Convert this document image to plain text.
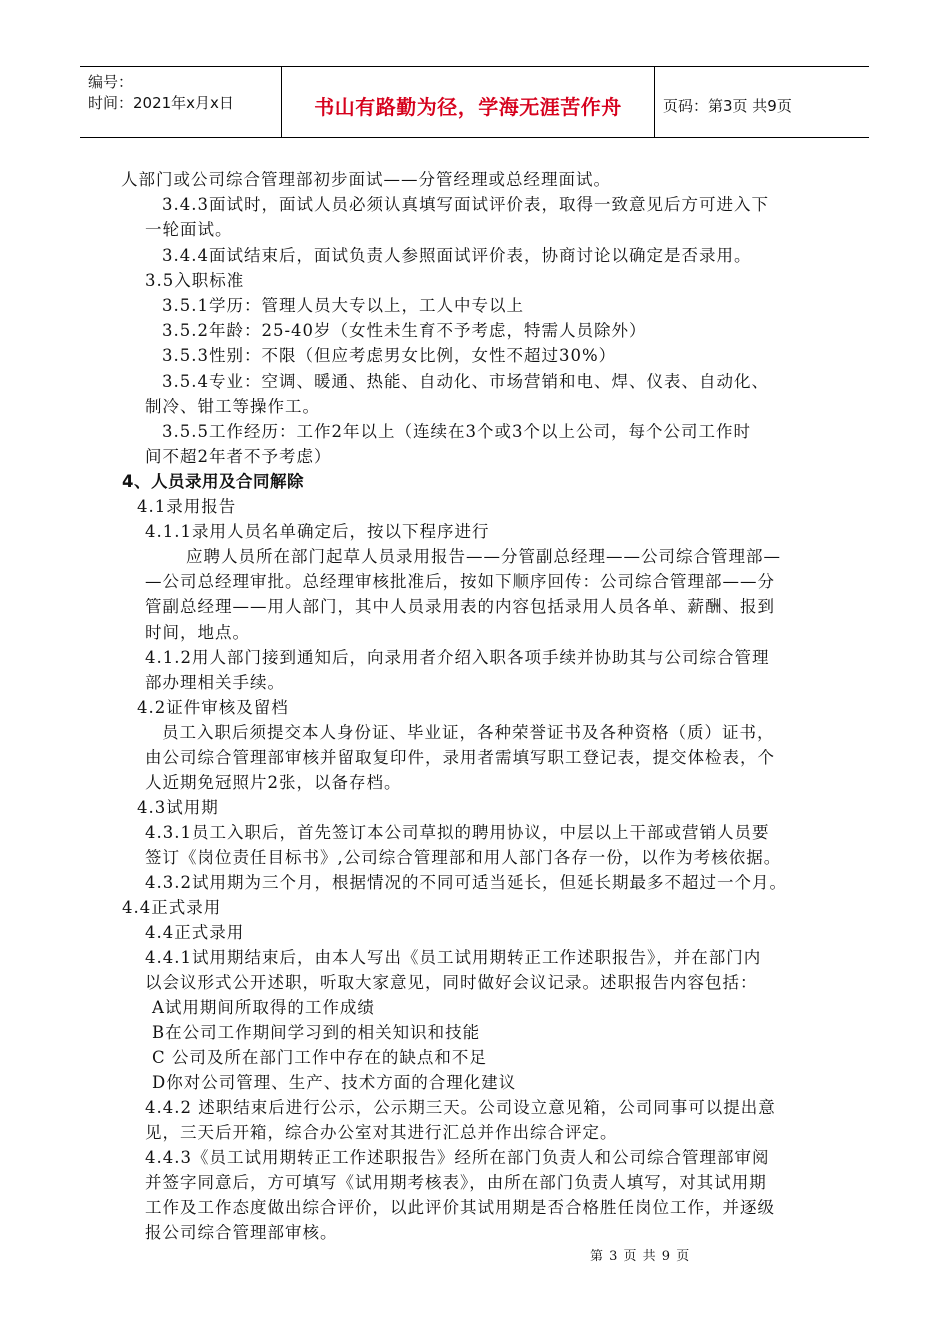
编号：
时间：2021年x月x日	书山有路勤为径，学海无涯苦作舟	页码：第3页 共9页
人部门或公司综合管理部初步面试——分管经理或总经理面试。
3.4.3面试时，面试人员必须认真填写面试评价表，取得一致意见后方可进入下
一轮面试。
3.4.4面试结束后，面试负责人参照面试评价表，协商讨论以确定是否录用。
3.5入职标准
3.5.1学历：管理人员大专以上，工人中专以上
3.5.2年龄：25-40岁（女性未生育不予考虑，特需人员除外）
3.5.3性别：不限（但应考虑男女比例，女性不超过30%）
3.5.4专业：空调、暖通、热能、自动化、市场营销和电、焊、仪表、自动化、
制冷、钳工等操作工。
3.5.5工作经历：工作2年以上（连续在3个或3个以上公司，每个公司工作时
间不超2年者不予考虑）
4、人员录用及合同解除
4.1录用报告
4.1.1录用人员名单确定后，按以下程序进行
应聘人员所在部门起草人员录用报告——分管副总经理——公司综合管理部—
—公司总经理审批。总经理审核批准后，按如下顺序回传：公司综合管理部——分
管副总经理——用人部门，其中人员录用表的内容包括录用人员各单、薪酬、报到
时间，地点。
4.1.2用人部门接到通知后，向录用者介绍入职各项手续并协助其与公司综合管理
部办理相关手续。
4.2证件审核及留档
员工入职后须提交本人身份证、毕业证，各种荣誉证书及各种资格（质）证书，
由公司综合管理部审核并留取复印件，录用者需填写职工登记表，提交体检表，个
人近期免冠照片2张，以备存档。
4.3试用期
4.3.1员工入职后，首先签订本公司草拟的聘用协议，中层以上干部或营销人员要
签订《岗位责任目标书》,公司综合管理部和用人部门各存一份，以作为考核依据。
4.3.2试用期为三个月，根据情况的不同可适当延长，但延长期最多不超过一个月。
4.4正式录用
4.4正式录用
4.4.1试用期结束后，由本人写出《员工试用期转正工作述职报告》，并在部门内
以会议形式公开述职，听取大家意见，同时做好会议记录。述职报告内容包括：
A试用期间所取得的工作成绩
B在公司工作期间学习到的相关知识和技能
C 公司及所在部门工作中存在的缺点和不足
D你对公司管理、生产、技术方面的合理化建议
4.4.2 述职结束后进行公示，公示期三天。公司设立意见箱，公司同事可以提出意
见，三天后开箱，综合办公室对其进行汇总并作出综合评定。
4.4.3《员工试用期转正工作述职报告》经所在部门负责人和公司综合管理部审阅
并签字同意后，方可填写《试用期考核表》，由所在部门负责人填写，对其试用期
工作及工作态度做出综合评价，以此评价其试用期是否合格胜任岗位工作，并逐级
报公司综合管理部审核。
第 3 页 共 9 页
